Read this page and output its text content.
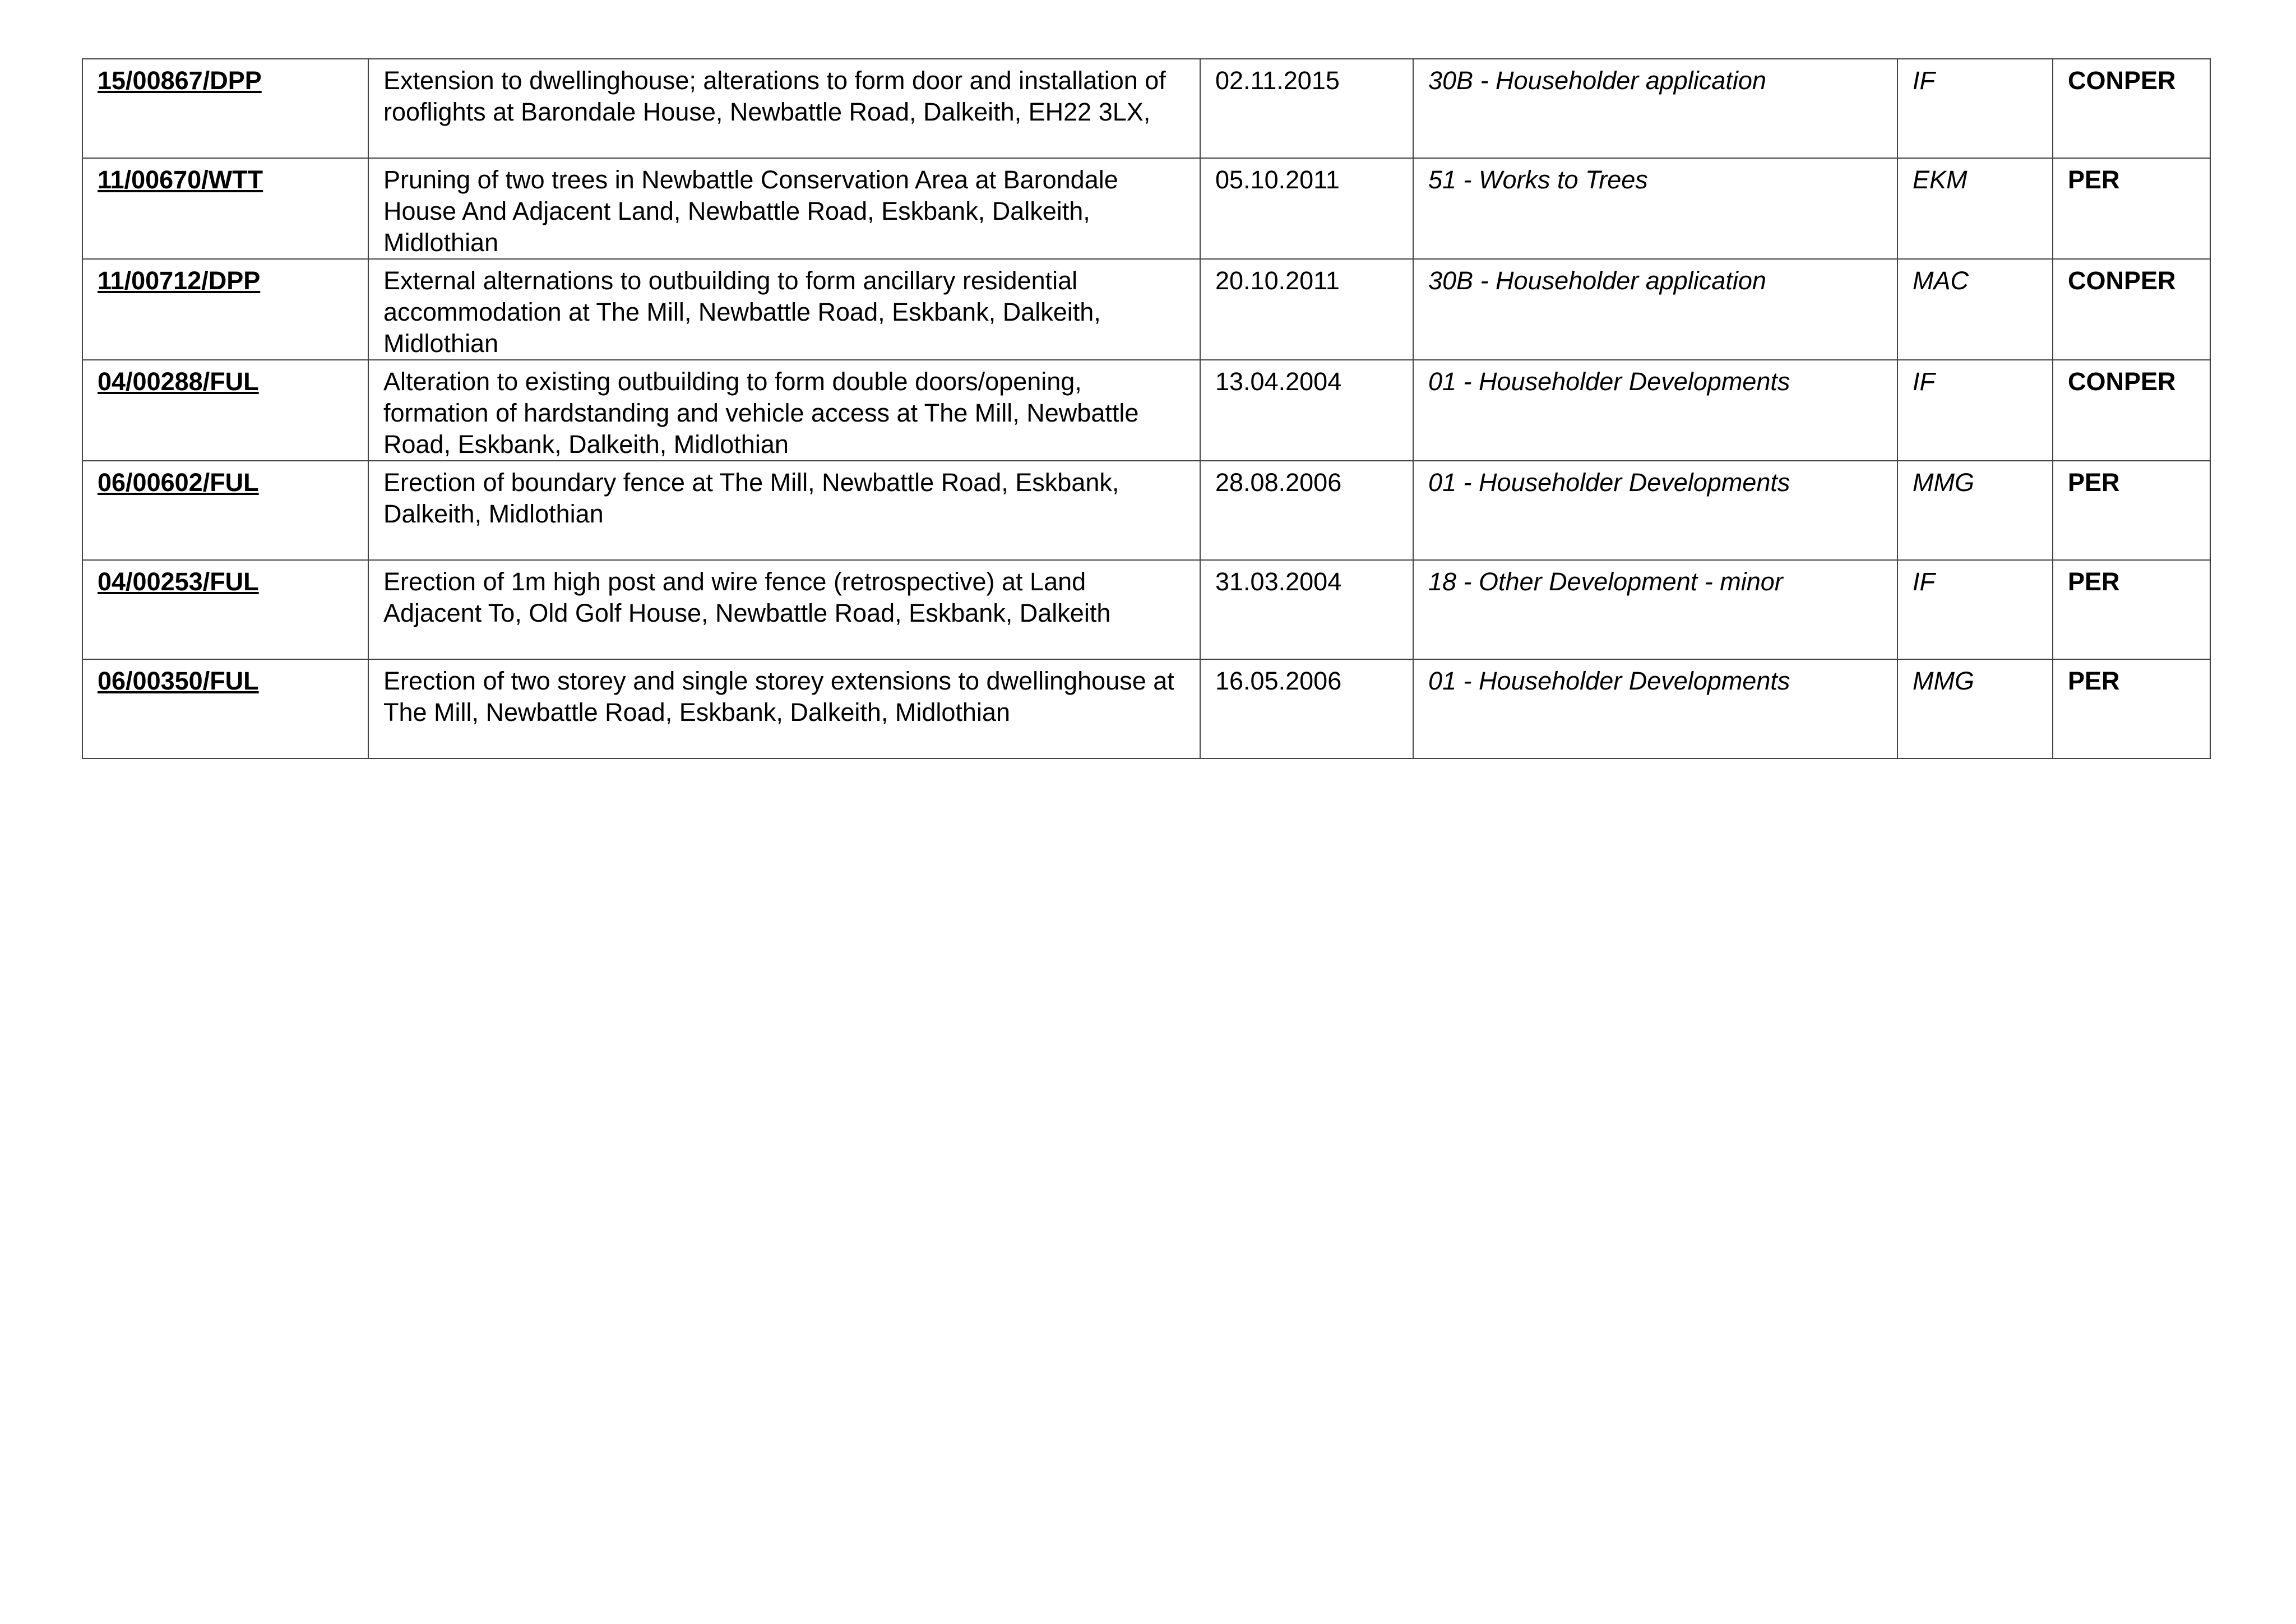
15/00867/DPP	Extension to dwellinghouse; alterations to form door and installation of rooflights at Barondale House, Newbattle Road, Dalkeith, EH22 3LX,	02.11.2015	30B - Householder application	IF	CONPER
11/00670/WTT	Pruning of two trees in Newbattle Conservation Area at Barondale House And Adjacent Land, Newbattle Road, Eskbank, Dalkeith, Midlothian	05.10.2011	51 - Works to Trees	EKM	PER
11/00712/DPP	External alternations to outbuilding to form ancillary residential accommodation at The Mill, Newbattle Road, Eskbank, Dalkeith, Midlothian	20.10.2011	30B - Householder application	MAC	CONPER
04/00288/FUL	Alteration to existing outbuilding to form double doors/opening, formation of hardstanding and vehicle access at The Mill, Newbattle Road, Eskbank, Dalkeith, Midlothian	13.04.2004	01 - Householder Developments	IF	CONPER
06/00602/FUL	Erection of boundary fence at The Mill, Newbattle Road, Eskbank, Dalkeith, Midlothian	28.08.2006	01 - Householder Developments	MMG	PER
04/00253/FUL	Erection of 1m high post and wire fence (retrospective) at Land Adjacent To, Old Golf House, Newbattle Road, Eskbank, Dalkeith	31.03.2004	18 - Other Development - minor	IF	PER
06/00350/FUL	Erection of two storey and single storey extensions to dwellinghouse at The Mill, Newbattle Road, Eskbank, Dalkeith, Midlothian	16.05.2006	01 - Householder Developments	MMG	PER
